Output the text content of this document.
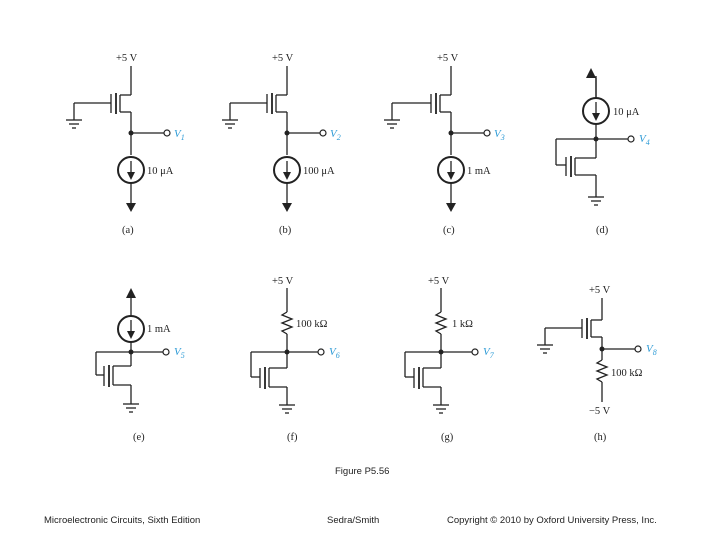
+5 V
$V_1$
10 μA
(a)
+5 V
$V_2$
100 μA
(b)
+5 V
$V_3$
1 mA
(c)
10 μA
$V_4$
(d)
1 mA
$V_5$
(e)
+5 V
100 kΩ
$V_6$
(f)
+5 V
1 kΩ
$V_7$
(g)
+5 V
$V_8$
100 kΩ
−5 V
(h)
Figure P5.56
Microelectronic Circuits, Sixth Edition	Sedra/Smith	Copyright © 2010 by Oxford University Press, Inc.
